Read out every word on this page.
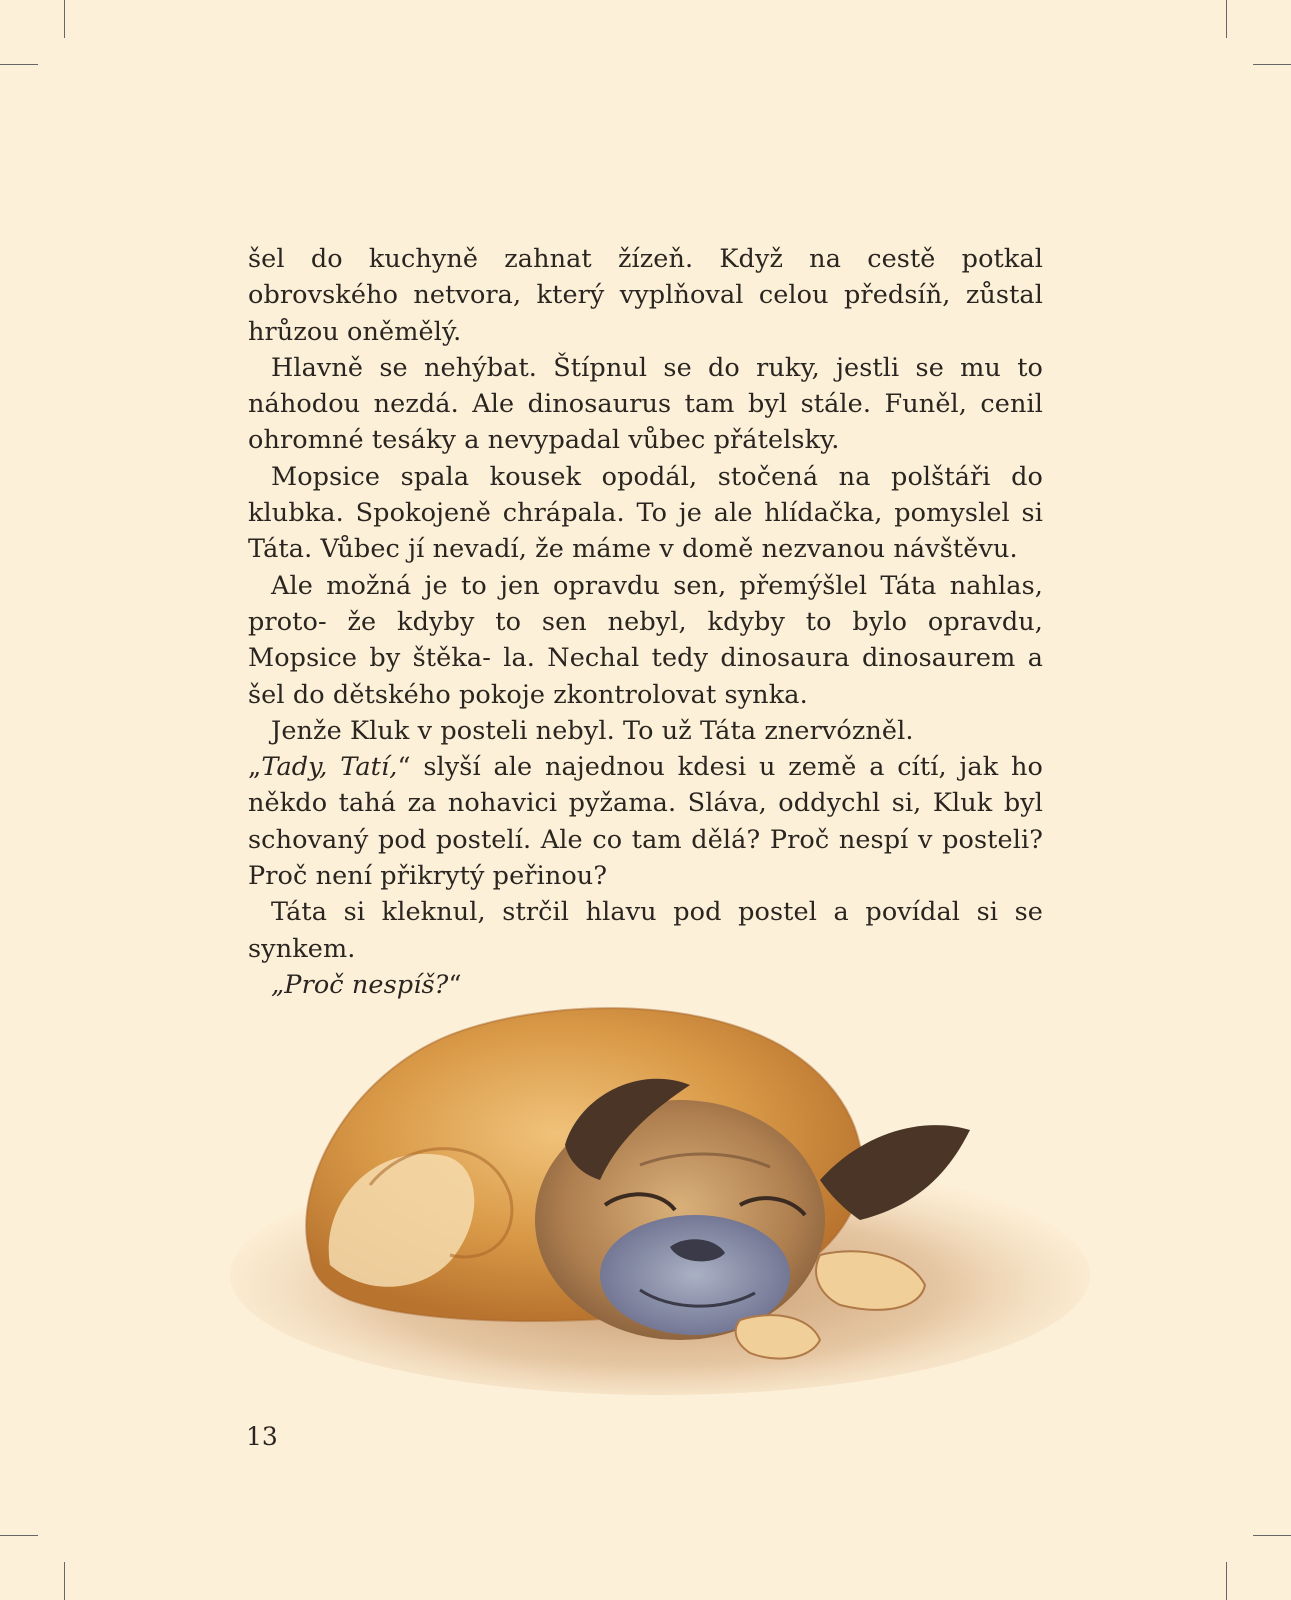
šel do kuchyně zahnat žízeň. Když na cestě potkal obrovského netvora, který vyplňoval celou předsíň, zůstal hrůzou oněmělý.

Hlavně se nehýbat. Štípnul se do ruky, jestli se mu to náhodou nezdá. Ale dinosaurus tam byl stále. Funěl, cenil ohromné tesáky a nevypadal vůbec přátelsky.

Mopsice spala kousek opodál, stočená na polštáři do klubka. Spokojeně chrápala. To je ale hlídačka, pomyslel si Táta. Vůbec jí nevadí, že máme v domě nezvanou návštěvu.

Ale možná je to jen opravdu sen, přemýšlel Táta nahlas, proto- že kdyby to sen nebyl, kdyby to bylo opravdu, Mopsice by štěka- la. Nechal tedy dinosaura dinosaurem a šel do dětského pokoje zkontrolovat synka.

Jenže Kluk v posteli nebyl. To už Táta znervózněl.

„Tady, Tatí,“ slyší ale najednou kdesi u země a cítí, jak ho někdo tahá za nohavici pyžama. Sláva, oddychl si, Kluk byl schovaný pod postelí. Ale co tam dělá? Proč nespí v posteli? Proč není přikrytý peřinou?

Táta si kleknul, strčil hlavu pod postel a povídal si se synkem.

„Proč nespíš?“

13
